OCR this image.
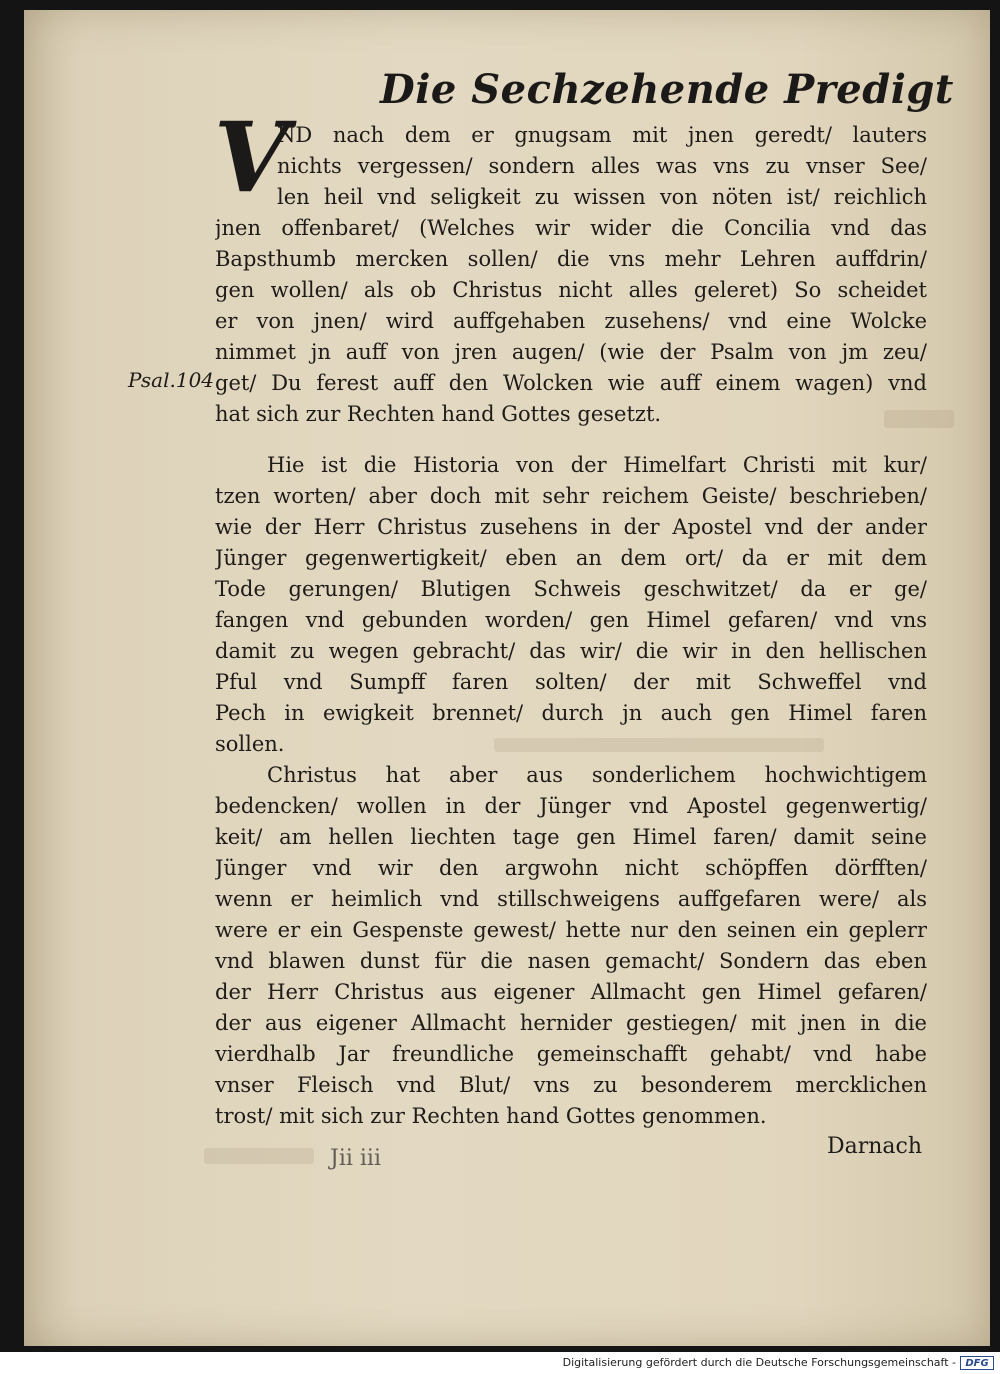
Die Sechzehende Predigt
V
Psal.104
ND nach dem er gnugsam mit jnen geredt/ lauters
nichts vergessen/ sondern alles was vns zu vnser See/
len heil vnd seligkeit zu wissen von nöten ist/ reichlich
jnen offenbaret/ (Welches wir wider die Concilia vnd das
Bapsthumb mercken sollen/ die vns mehr Lehren auffdrin/
gen wollen/ als ob Christus nicht alles geleret) So scheidet
er von jnen/ wird auffgehaben zusehens/ vnd eine Wolcke
nimmet jn auff von jren augen/ (wie der Psalm von jm zeu/
get/ Du ferest auff den Wolcken wie auff einem wagen) vnd
hat sich zur Rechten hand Gottes gesetzt.
Hie ist die Historia von der Himelfart Christi mit kur/
tzen worten/ aber doch mit sehr reichem Geiste/ beschrieben/
wie der Herr Christus zusehens in der Apostel vnd der ander
Jünger gegenwertigkeit/ eben an dem ort/ da er mit dem
Tode gerungen/ Blutigen Schweis geschwitzet/ da er ge/
fangen vnd gebunden worden/ gen Himel gefaren/ vnd vns
damit zu wegen gebracht/ das wir/ die wir in den hellischen
Pful vnd Sumpff faren solten/ der mit Schweffel vnd
Pech in ewigkeit brennet/ durch jn auch gen Himel faren
sollen.
Christus hat aber aus sonderlichem hochwichtigem
bedencken/ wollen in der Jünger vnd Apostel gegenwertig/
keit/ am hellen liechten tage gen Himel faren/ damit seine
Jünger vnd wir den argwohn nicht schöpffen dörfften/
wenn er heimlich vnd stillschweigens auffgefaren were/ als
were er ein Gespenste gewest/ hette nur den seinen ein geplerr
vnd blawen dunst für die nasen gemacht/ Sondern das eben
der Herr Christus aus eigener Allmacht gen Himel gefaren/
der aus eigener Allmacht hernider gestiegen/ mit jnen in die
vierdhalb Jar freundliche gemeinschafft gehabt/ vnd habe
vnser Fleisch vnd Blut/ vns zu besonderem mercklichen
trost/ mit sich zur Rechten hand Gottes genommen.
Jii iii	Darnach
Digitalisierung gefördert durch die Deutsche Forschungsgemeinschaft - DFG
